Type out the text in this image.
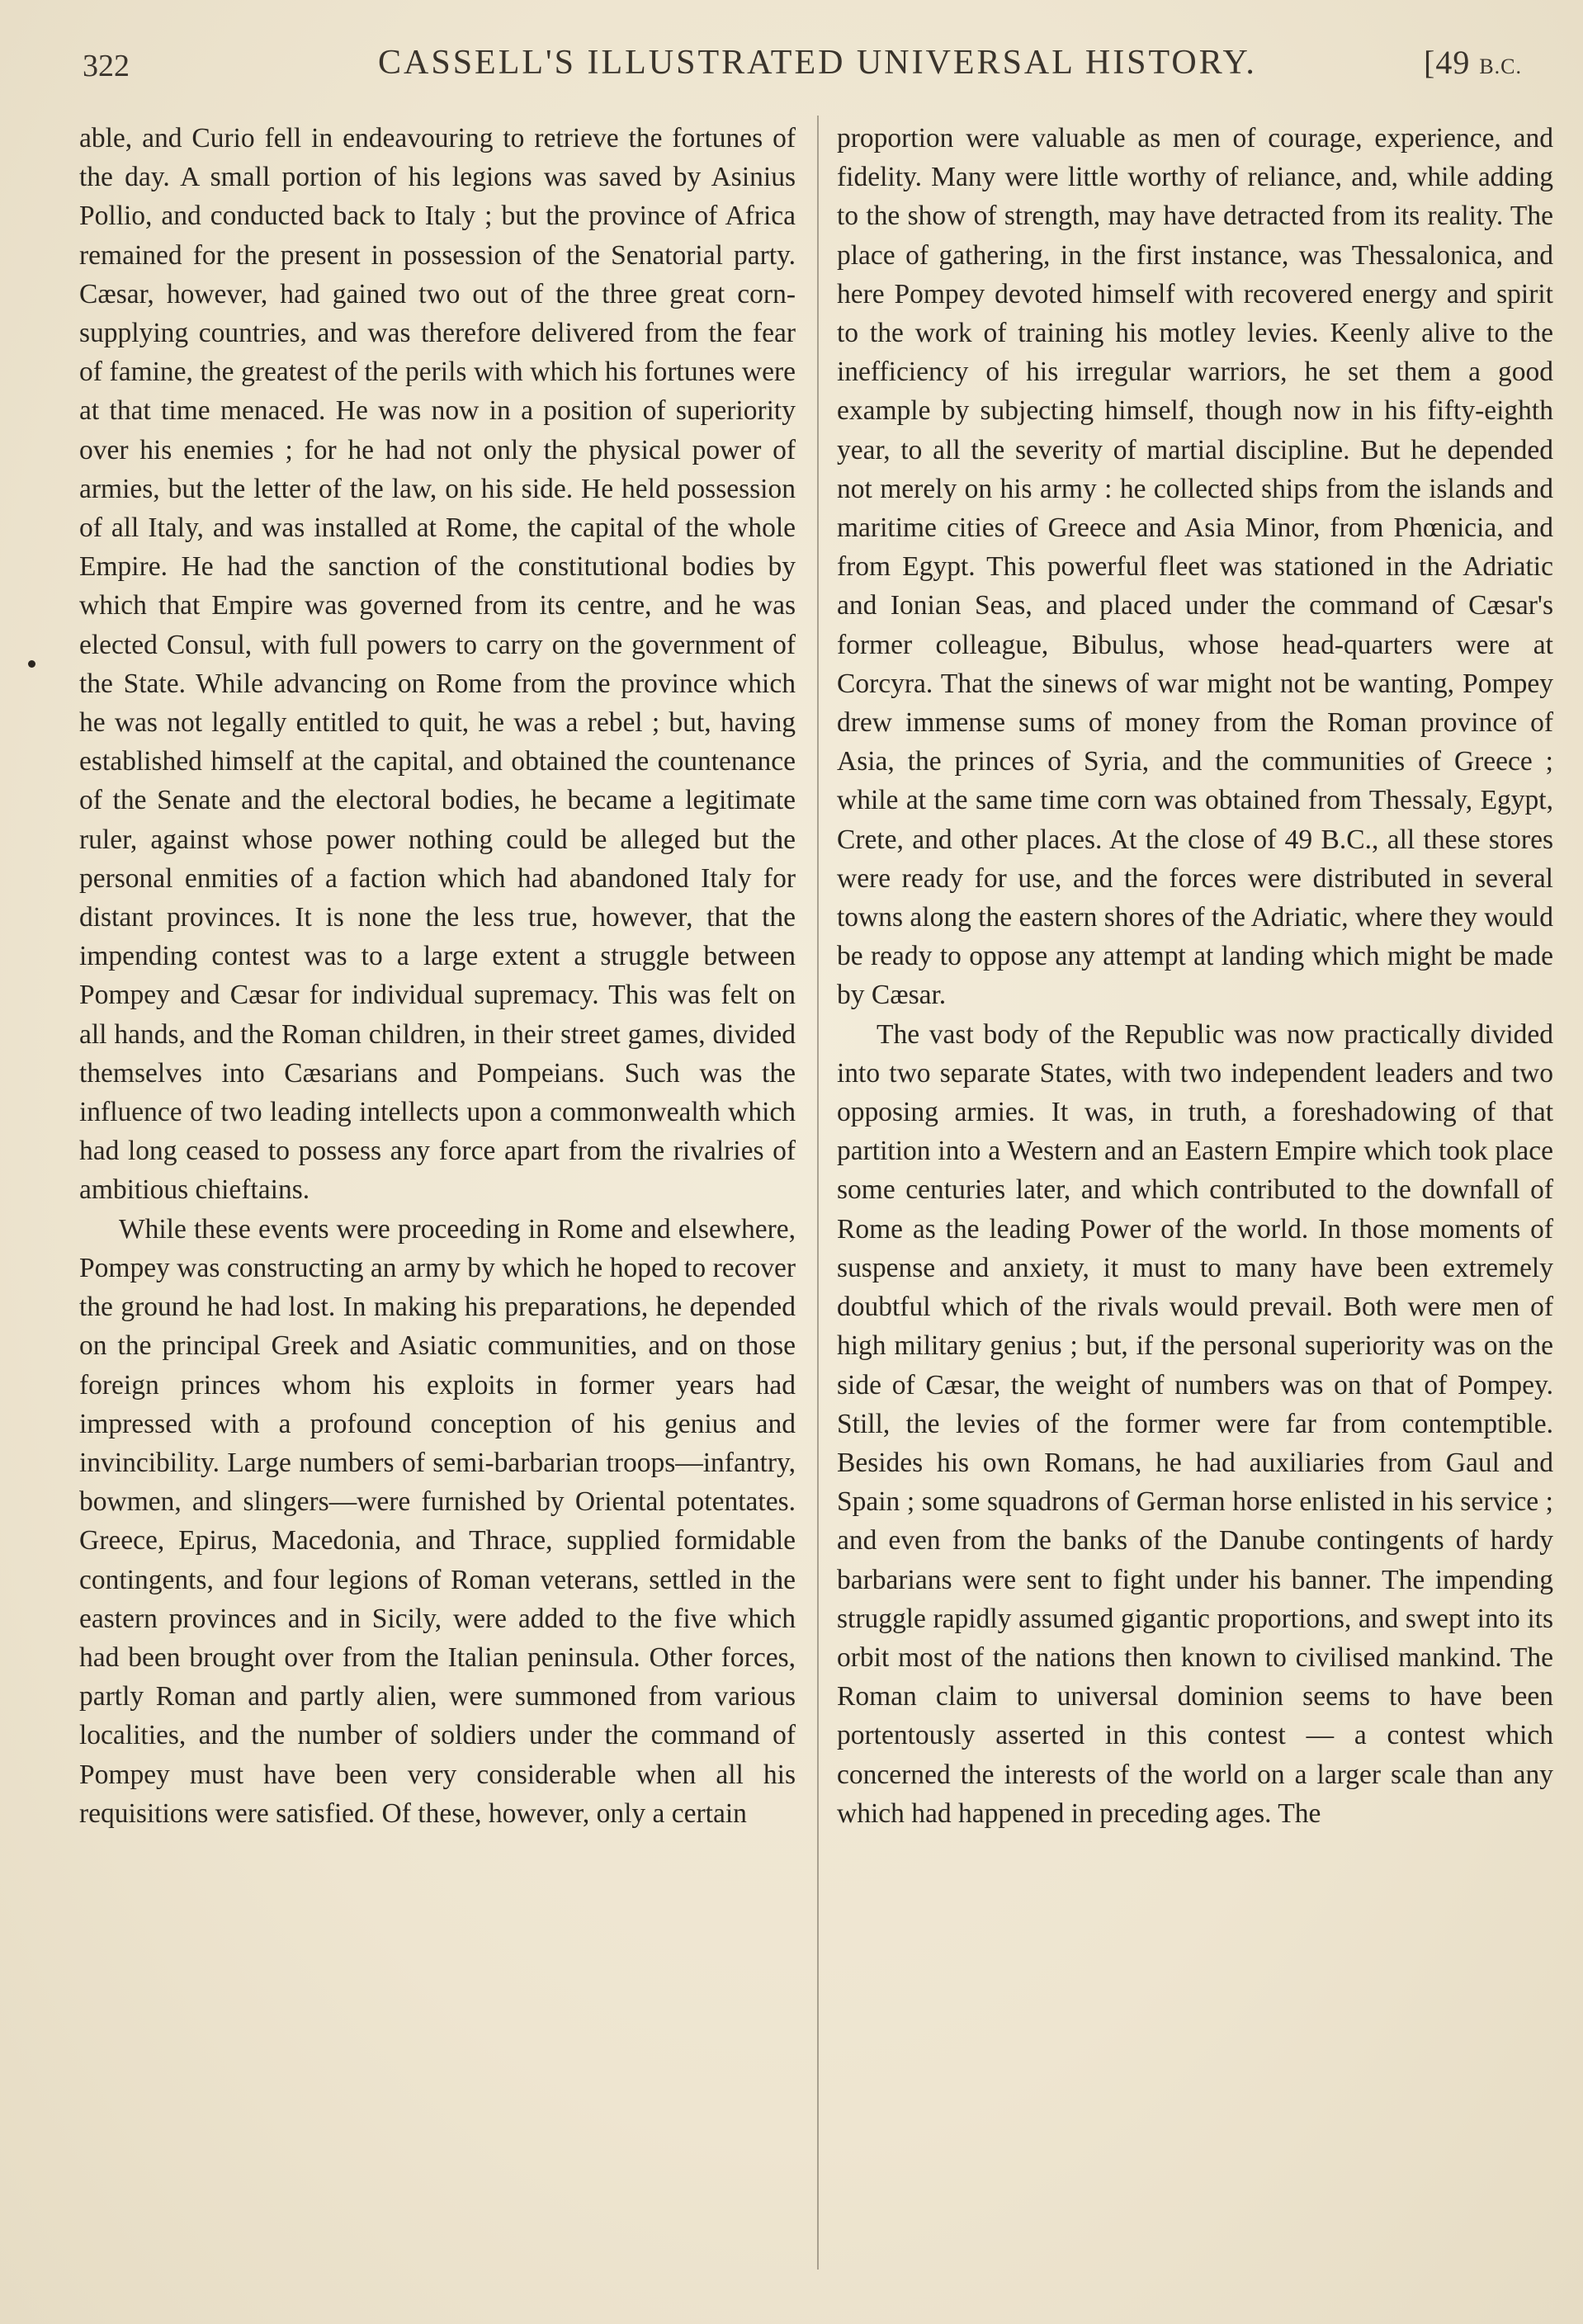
322	CASSELL'S ILLUSTRATED UNIVERSAL HISTORY.	[49 B.C.

able, and Curio fell in endeavouring to retrieve the fortunes of the day. A small portion of his legions was saved by Asinius Pollio, and conducted back to Italy ; but the province of Africa remained for the present in possession of the Senatorial party. Cæsar, however, had gained two out of the three great corn-supplying countries, and was therefore delivered from the fear of famine, the greatest of the perils with which his fortunes were at that time menaced. He was now in a position of superiority over his enemies ; for he had not only the physical power of armies, but the letter of the law, on his side. He held possession of all Italy, and was installed at Rome, the capital of the whole Empire. He had the sanction of the constitutional bodies by which that Empire was governed from its centre, and he was elected Consul, with full powers to carry on the government of the State. While advancing on Rome from the province which he was not legally entitled to quit, he was a rebel ; but, having established himself at the capital, and obtained the countenance of the Senate and the electoral bodies, he became a legitimate ruler, against whose power nothing could be alleged but the personal enmities of a faction which had abandoned Italy for distant provinces. It is none the less true, however, that the impending contest was to a large extent a struggle between Pompey and Cæsar for individual supremacy. This was felt on all hands, and the Roman children, in their street games, divided themselves into Cæsarians and Pompeians. Such was the influence of two leading intellects upon a commonwealth which had long ceased to possess any force apart from the rivalries of ambitious chieftains.

While these events were proceeding in Rome and elsewhere, Pompey was constructing an army by which he hoped to recover the ground he had lost. In making his preparations, he depended on the principal Greek and Asiatic communities, and on those foreign princes whom his exploits in former years had impressed with a profound conception of his genius and invincibility. Large numbers of semi-barbarian troops—infantry, bowmen, and slingers—were furnished by Oriental potentates. Greece, Epirus, Macedonia, and Thrace, supplied formidable contingents, and four legions of Roman veterans, settled in the eastern provinces and in Sicily, were added to the five which had been brought over from the Italian peninsula. Other forces, partly Roman and partly alien, were summoned from various localities, and the number of soldiers under the command of Pompey must have been very considerable when all his requisitions were satisfied. Of these, however, only a certain

proportion were valuable as men of courage, experience, and fidelity. Many were little worthy of reliance, and, while adding to the show of strength, may have detracted from its reality. The place of gathering, in the first instance, was Thessalonica, and here Pompey devoted himself with recovered energy and spirit to the work of training his motley levies. Keenly alive to the inefficiency of his irregular warriors, he set them a good example by subjecting himself, though now in his fifty-eighth year, to all the severity of martial discipline. But he depended not merely on his army : he collected ships from the islands and maritime cities of Greece and Asia Minor, from Phœnicia, and from Egypt. This powerful fleet was stationed in the Adriatic and Ionian Seas, and placed under the command of Cæsar's former colleague, Bibulus, whose head-quarters were at Corcyra. That the sinews of war might not be wanting, Pompey drew immense sums of money from the Roman province of Asia, the princes of Syria, and the communities of Greece ; while at the same time corn was obtained from Thessaly, Egypt, Crete, and other places. At the close of 49 B.C., all these stores were ready for use, and the forces were distributed in several towns along the eastern shores of the Adriatic, where they would be ready to oppose any attempt at landing which might be made by Cæsar.

The vast body of the Republic was now practically divided into two separate States, with two independent leaders and two opposing armies. It was, in truth, a foreshadowing of that partition into a Western and an Eastern Empire which took place some centuries later, and which contributed to the downfall of Rome as the leading Power of the world. In those moments of suspense and anxiety, it must to many have been extremely doubtful which of the rivals would prevail. Both were men of high military genius ; but, if the personal superiority was on the side of Cæsar, the weight of numbers was on that of Pompey. Still, the levies of the former were far from contemptible. Besides his own Romans, he had auxiliaries from Gaul and Spain ; some squadrons of German horse enlisted in his service ; and even from the banks of the Danube contingents of hardy barbarians were sent to fight under his banner. The impending struggle rapidly assumed gigantic proportions, and swept into its orbit most of the nations then known to civilised mankind. The Roman claim to universal dominion seems to have been portentously asserted in this contest — a contest which concerned the interests of the world on a larger scale than any which had happened in preceding ages. The
